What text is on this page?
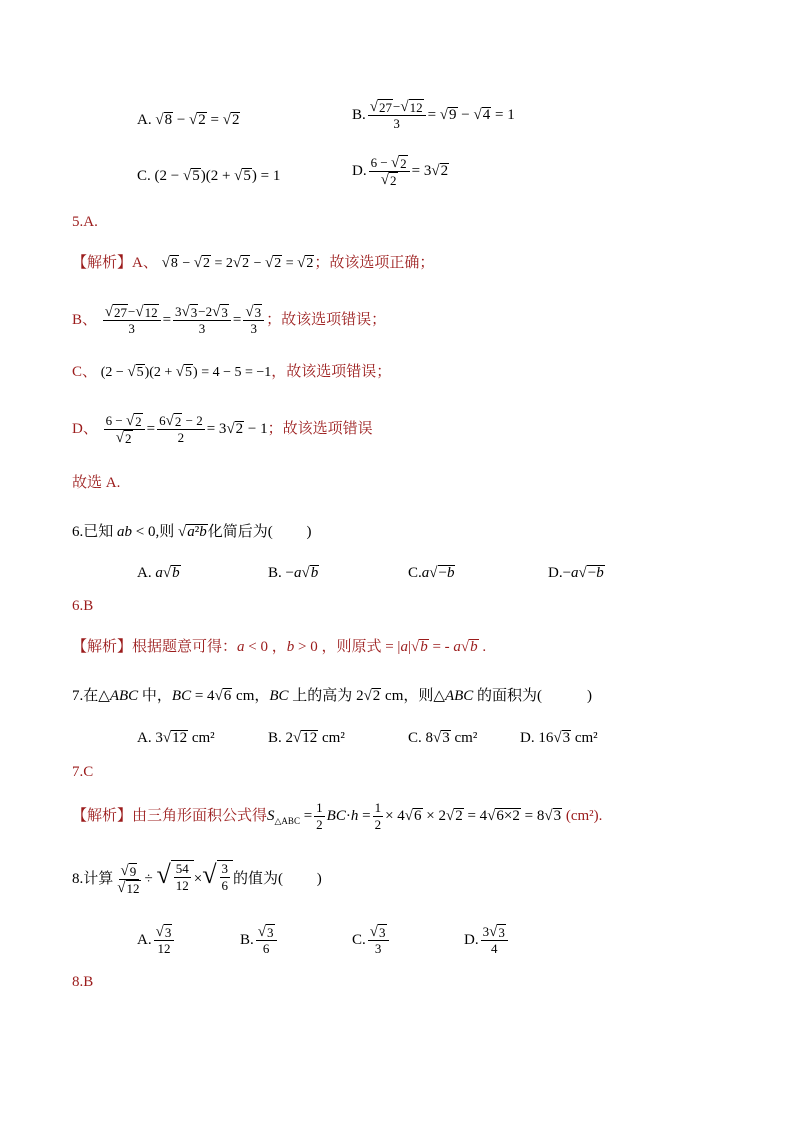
A. √ 8 − √ 2 = √ 2	B. $\frac{√ 27 - √ 12}{3}$ = √ 9 − √ 4 = 1
C. (2 − √ 5 )(2 + √ 5 ) = 1	D. $\frac{6 - √ 2}{√ 2} = 3$ √ 2
5.A.
【解析】A、 √ 8 − √ 2 = 2 √ 2 − √ 2 = √ 2 ；故该选项正确；
B、 $\frac{√ 27 - √ 12}{3} = \frac{3 √ 3 -2 √ 3}{3} = \frac{√ 3}{3}$ ；故该选项错误；
C、 (2 − √ 5 )(2 + √ 5 ) = 4 − 5 = −1，故该选项错误；
D、 $\frac{6 - √ 2}{√ 2} = \frac{6 √ 2 - 2}{2} = 3$ √ 2 − 1；故该选项错误
故选 A.
6.已知 ab < 0,则 √ a²b 化简后为(　　 )
A. a √ b	B. −a √ b	C.a √ −b	D.−a √ −b
6.B
【解析】根据题意可得：a < 0 ，b > 0 ，则原式 = |a| √ b = - a √ b .
7.在△ABC 中，BC = 4 √ 6 cm，BC 上的高为 2 √ 2 cm，则△ABC 的面积为(　　　)
A. 3 √ 12 cm²	B. 2 √ 12 cm²	C. 8 √ 3 cm²	D. 16 √ 3 cm²
7.C
【解析】由三角形面积公式得$S_{\triangle ABC} = \frac{1}{2} BC\cdot h = \frac{1}{2} \times 4$ √ 6 × 2 √ 2 = 4 √ 6×2 = 8 √ 3 (cm²).
8.计算 $\frac{√ 9}{√ 12}$ ÷ √ $\frac{54}{12}$ × √ $\frac{3}{6}$ 的值为(　　 )
A. $\frac{√ 3}{12}$	B. $\frac{√ 3}{6}$	C. $\frac{√ 3}{3}$	D. $\frac{3 √ 3}{4}$
8.B
